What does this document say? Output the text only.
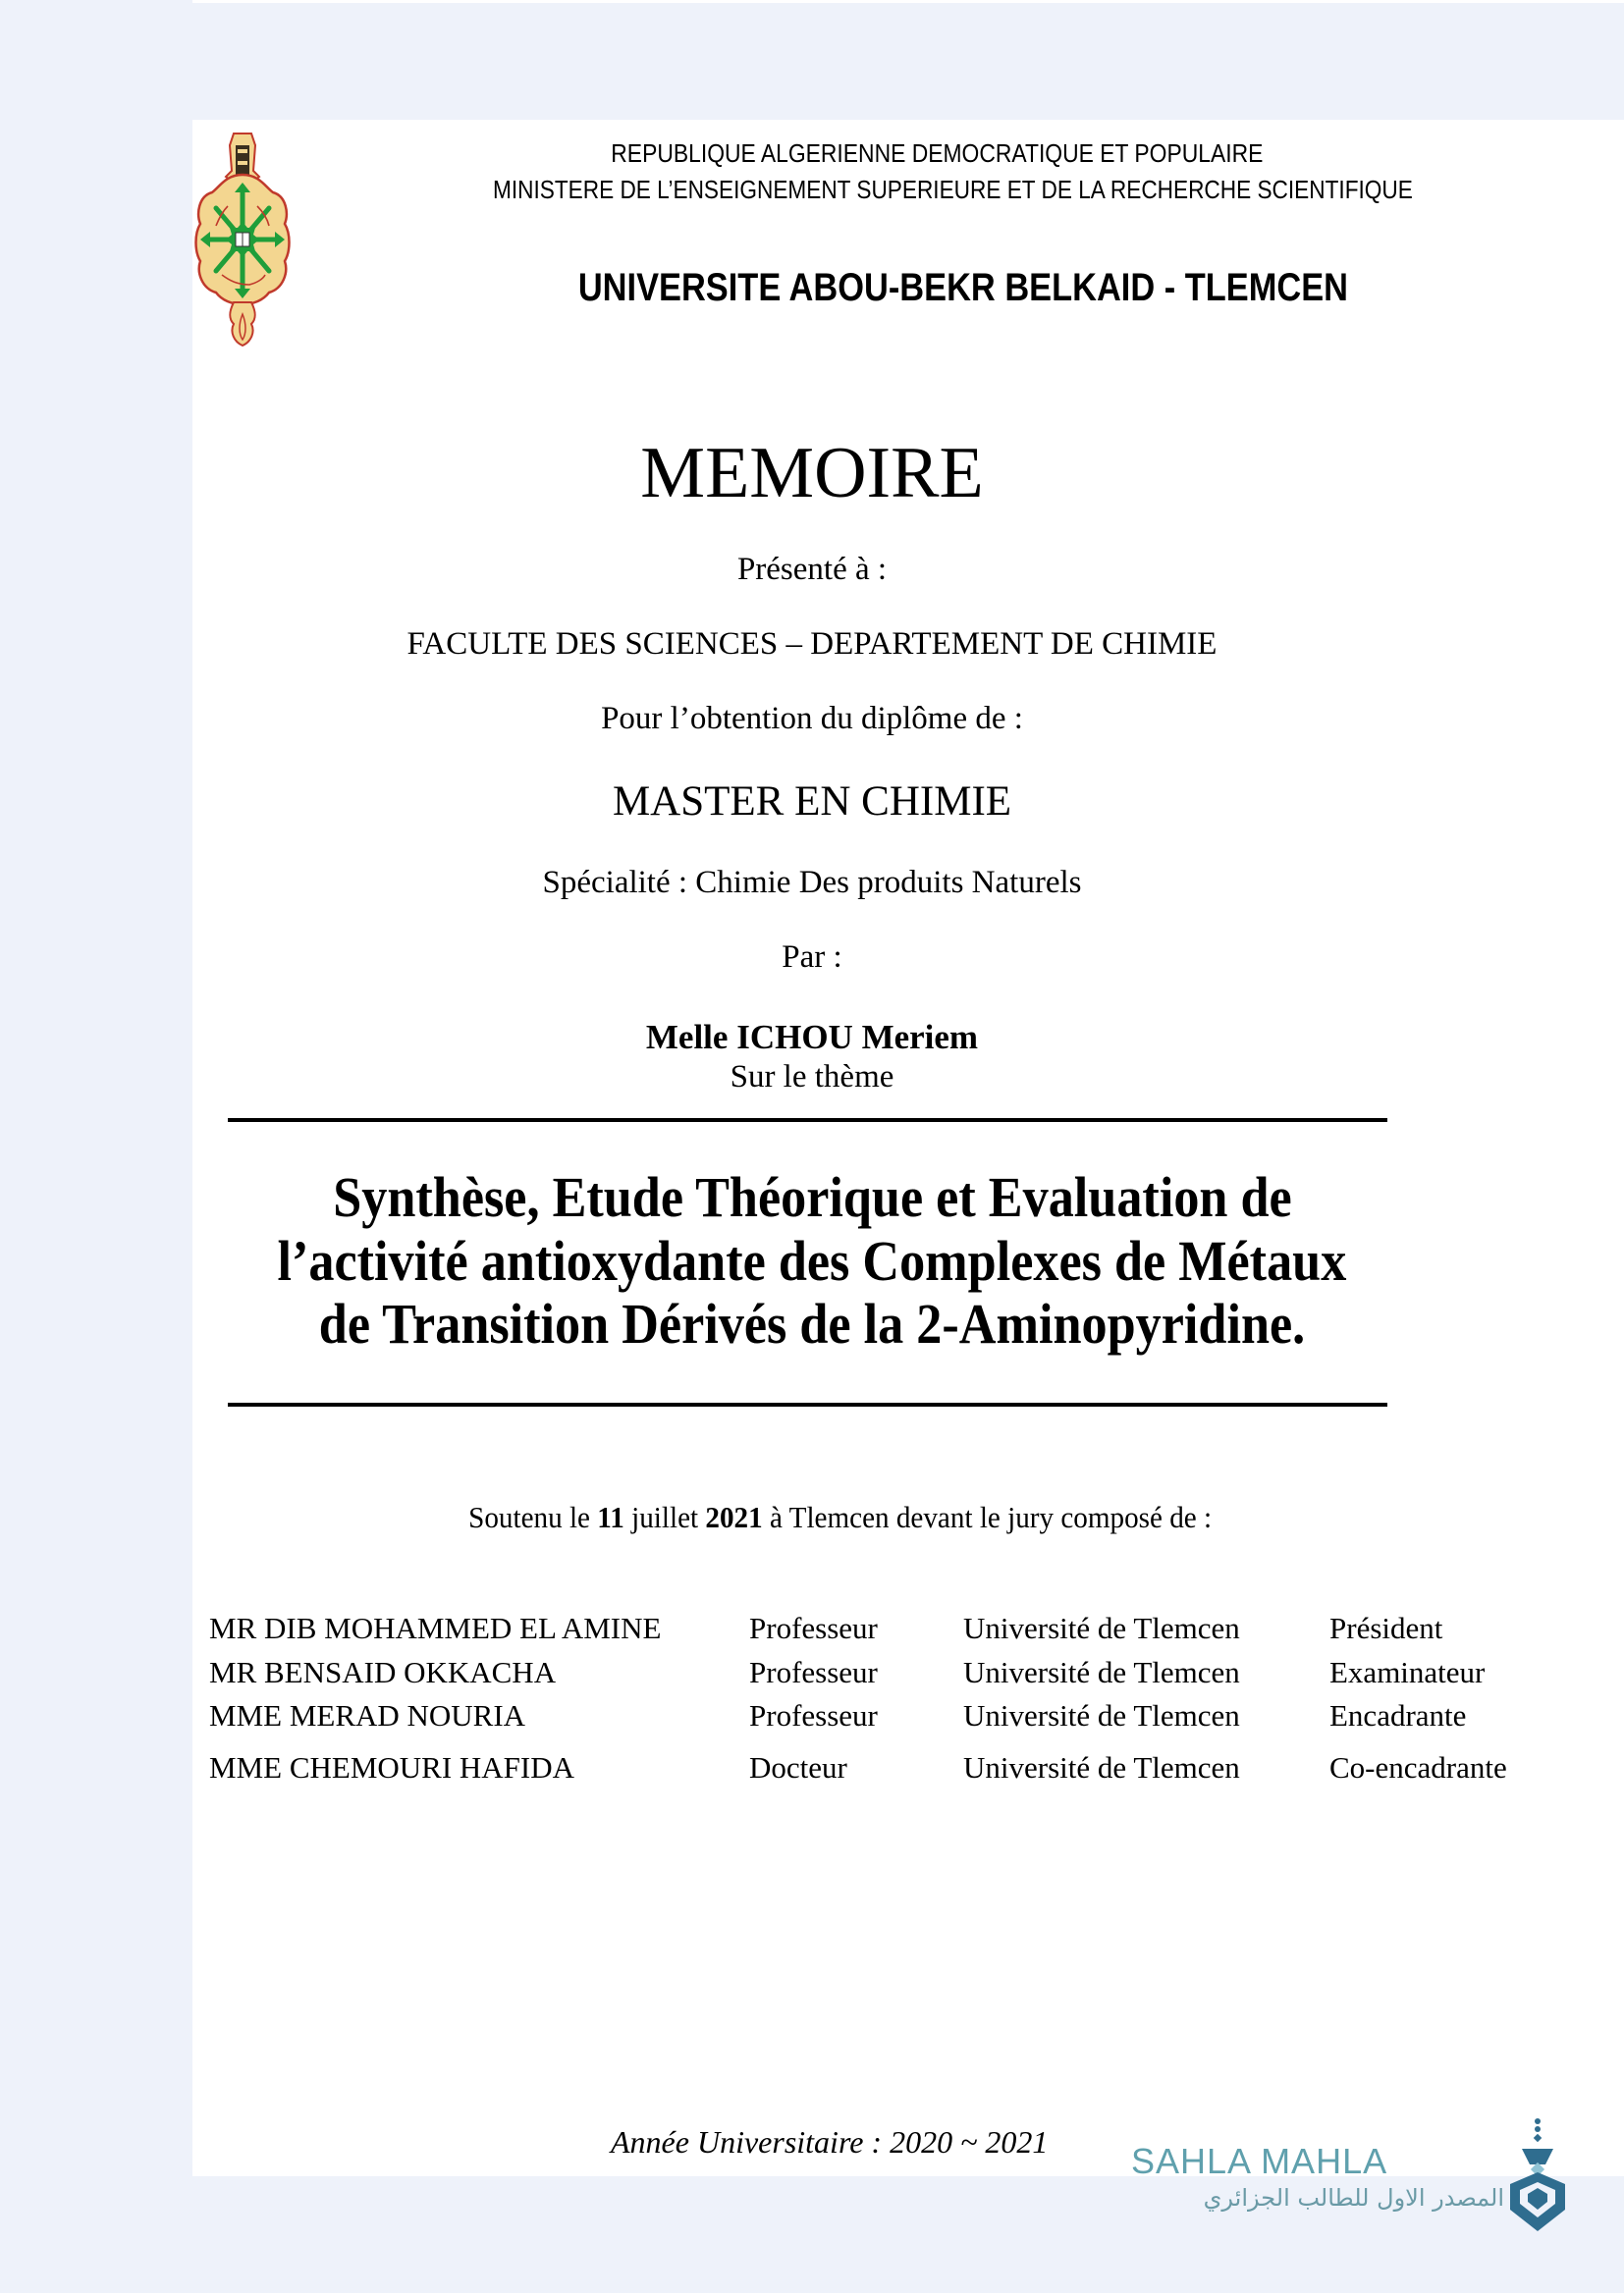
REPUBLIQUE ALGERIENNE DEMOCRATIQUE ET POPULAIRE
MINISTERE DE L’ENSEIGNEMENT SUPERIEURE ET DE LA RECHERCHE SCIENTIFIQUE
UNIVERSITE ABOU-BEKR BELKAID - TLEMCEN
MEMOIRE
Présenté à :
FACULTE DES SCIENCES – DEPARTEMENT DE CHIMIE
Pour l’obtention du diplôme de :
MASTER EN CHIMIE
Spécialité : Chimie Des produits Naturels
Par :
Melle ICHOU Meriem
Sur le thème
Synthèse, Etude Théorique et Evaluation de
l’activité antioxydante des Complexes de Métaux
de Transition Dérivés de la 2-Aminopyridine.
Soutenu le 11 juillet 2021 à Tlemcen devant le jury composé de :
MR DIB MOHAMMED EL AMINE	Professeur	Université de Tlemcen	Président
MR BENSAID OKKACHA	Professeur	Université de Tlemcen	Examinateur
MME MERAD NOURIA	Professeur	Université de Tlemcen	Encadrante
MME CHEMOURI HAFIDA	Docteur	Université de Tlemcen	Co-encadrante
Année Universitaire : 2020 ~ 2021 SAHLA MAHLA
المصدر الاول للطالب الجزائري
